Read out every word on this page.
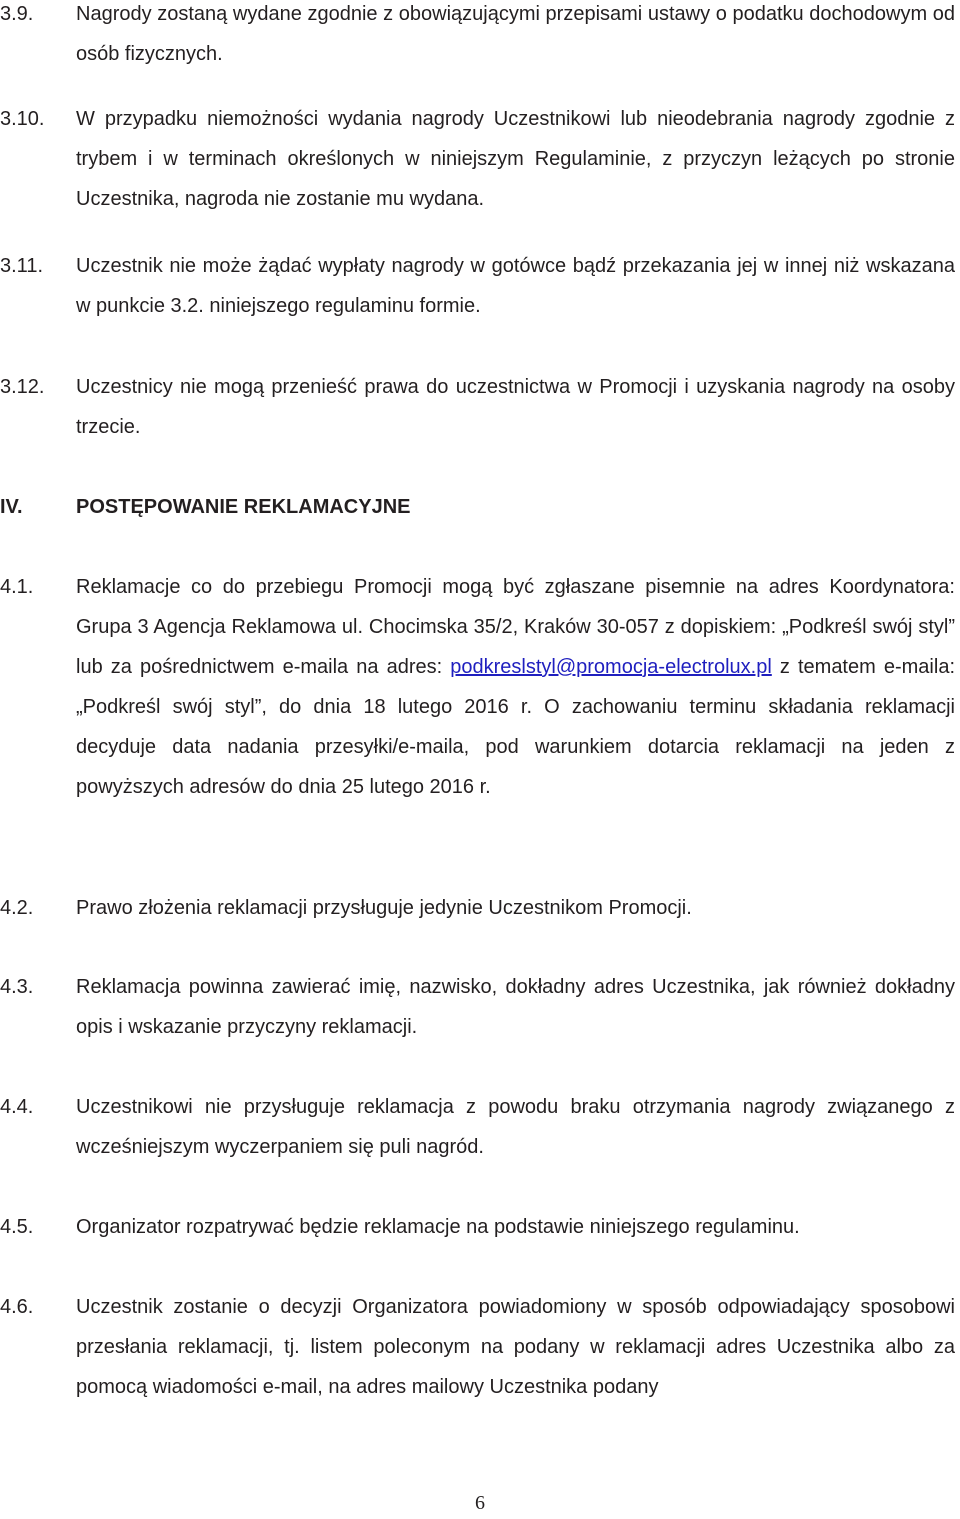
3.9. Nagrody zostaną wydane zgodnie z obowiązującymi przepisami ustawy o podatku dochodowym od osób fizycznych.
3.10. W przypadku niemożności wydania nagrody Uczestnikowi lub nieodebrania nagrody zgodnie z trybem i w terminach określonych w niniejszym Regulaminie, z przyczyn leżących po stronie Uczestnika, nagroda nie zostanie mu wydana.
3.11. Uczestnik nie może żądać wypłaty nagrody w gotówce bądź przekazania jej w innej niż wskazana w punkcie 3.2. niniejszego regulaminu formie.
3.12. Uczestnicy nie mogą przenieść prawa do uczestnictwa w Promocji i uzyskania nagrody na osoby trzecie.
IV.	POSTĘPOWANIE REKLAMACYJNE
4.1. Reklamacje co do przebiegu Promocji mogą być zgłaszane pisemnie na adres Koordynatora: Grupa 3 Agencja Reklamowa ul. Chocimska 35/2, Kraków 30-057 z dopiskiem: „Podkreśl swój styl” lub za pośrednictwem e-maila na adres: podkreslstyl@promocja-electrolux.pl z tematem e-maila: „Podkreśl swój styl”, do dnia 18 lutego 2016 r. O zachowaniu terminu składania reklamacji decyduje data nadania przesyłki/e-maila, pod warunkiem dotarcia reklamacji na jeden z powyższych adresów do dnia 25 lutego 2016 r.
4.2. Prawo złożenia reklamacji przysługuje jedynie Uczestnikom Promocji.
4.3. Reklamacja powinna zawierać imię, nazwisko, dokładny adres Uczestnika, jak również dokładny opis i wskazanie przyczyny reklamacji.
4.4. Uczestnikowi nie przysługuje reklamacja z powodu braku otrzymania nagrody związanego z wcześniejszym wyczerpaniem się puli nagród.
4.5. Organizator rozpatrywać będzie reklamacje na podstawie niniejszego regulaminu.
4.6. Uczestnik zostanie o decyzji Organizatora powiadomiony w sposób odpowiadający sposobowi przesłania reklamacji, tj. listem poleconym na podany w reklamacji adres Uczestnika albo za pomocą wiadomości e-mail, na adres mailowy Uczestnika podany
6
